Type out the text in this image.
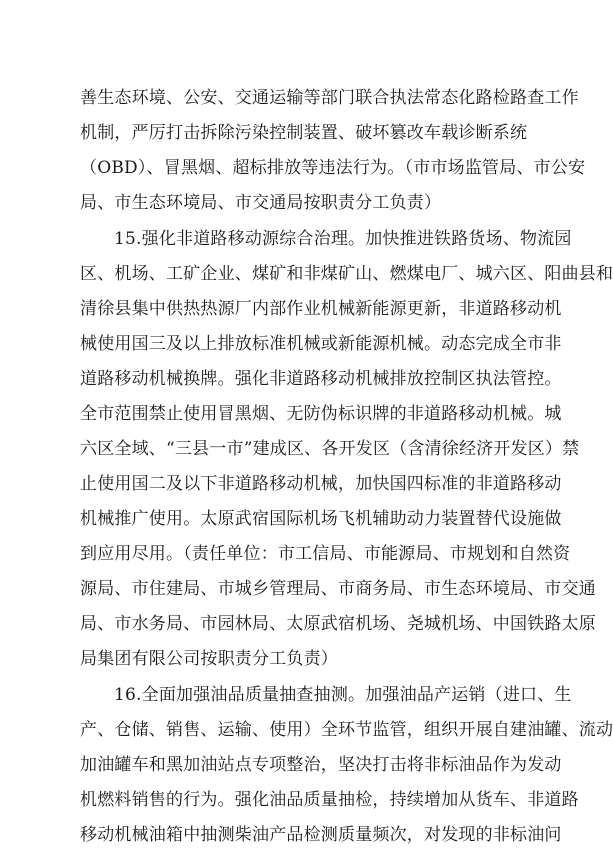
善生态环境、公安、交通运输等部门联合执法常态化路检路查工作
机制，严厉打击拆除污染控制装置、破坏篡改车载诊断系统
（OBD）、冒黑烟、超标排放等违法行为。（市市场监管局、市公安
局、市生态环境局、市交通局按职责分工负责）
15.强化非道路移动源综合治理。加快推进铁路货场、物流园
区、机场、工矿企业、煤矿和非煤矿山、燃煤电厂、城六区、阳曲县和
清徐县集中供热热源厂内部作业机械新能源更新，非道路移动机
械使用国三及以上排放标准机械或新能源机械。动态完成全市非
道路移动机械换牌。强化非道路移动机械排放控制区执法管控。
全市范围禁止使用冒黑烟、无防伪标识牌的非道路移动机械。城
六区全域、“三县一市”建成区、各开发区（含清徐经济开发区）禁
止使用国二及以下非道路移动机械，加快国四标准的非道路移动
机械推广使用。太原武宿国际机场飞机辅助动力装置替代设施做
到应用尽用。（责任单位：市工信局、市能源局、市规划和自然资
源局、市住建局、市城乡管理局、市商务局、市生态环境局、市交通
局、市水务局、市园林局、太原武宿机场、尧城机场、中国铁路太原
局集团有限公司按职责分工负责）
16.全面加强油品质量抽查抽测。加强油品产运销（进口、生
产、仓储、销售、运输、使用）全环节监管，组织开展自建油罐、流动
加油罐车和黑加油站点专项整治，坚决打击将非标油品作为发动
机燃料销售的行为。强化油品质量抽检，持续增加从货车、非道路
移动机械油箱中抽测柴油产品检测质量频次，对发现的非标油问
